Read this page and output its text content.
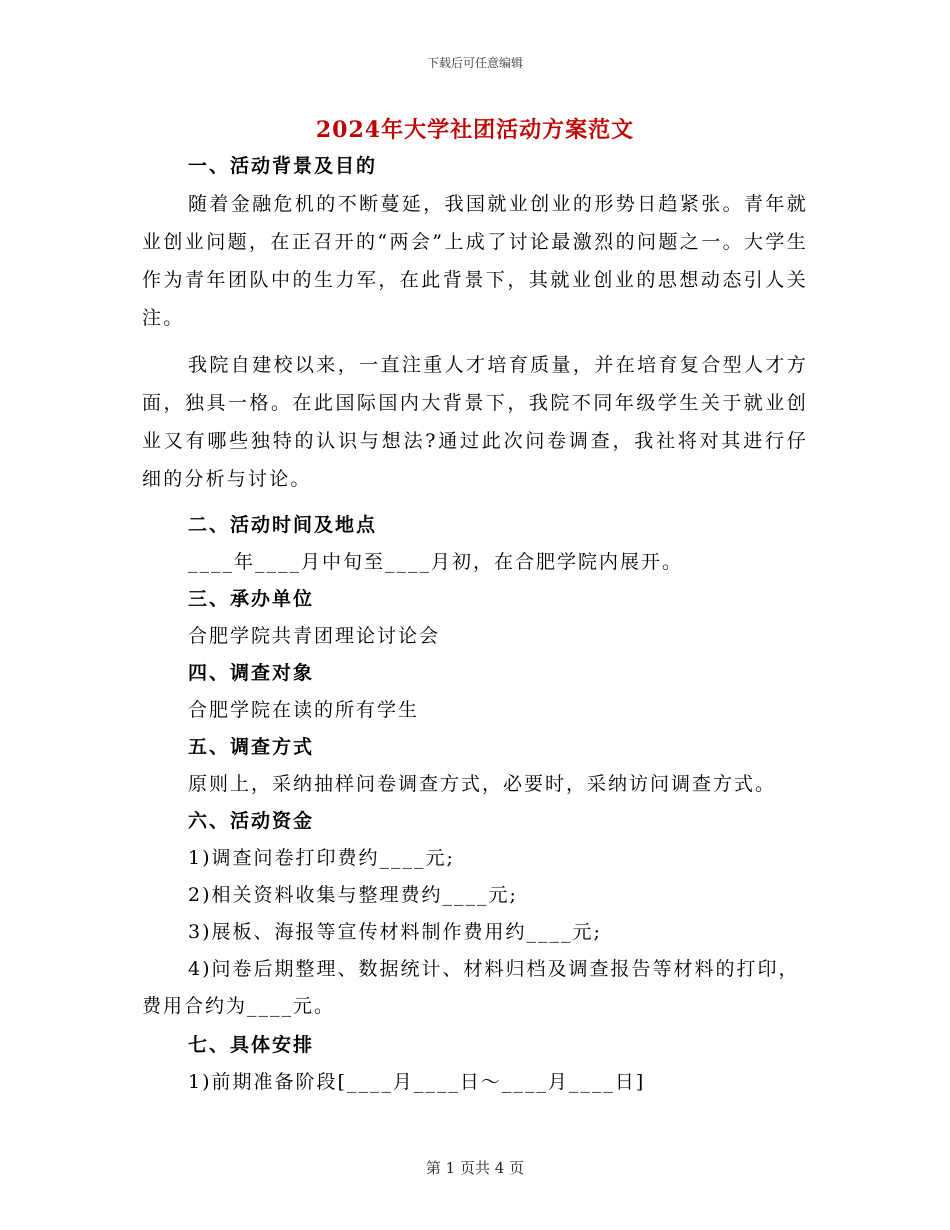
下载后可任意编辑
2024年大学社团活动方案范文
一、活动背景及目的
随着金融危机的不断蔓延，我国就业创业的形势日趋紧张。青年就业创业问题，在正召开的“两会”上成了讨论最激烈的问题之一。大学生作为青年团队中的生力军，在此背景下，其就业创业的思想动态引人关注。
我院自建校以来，一直注重人才培育质量，并在培育复合型人才方面，独具一格。在此国际国内大背景下，我院不同年级学生关于就业创业又有哪些独特的认识与想法?通过此次问卷调查，我社将对其进行仔细的分析与讨论。
二、活动时间及地点
____年____月中旬至____月初，在合肥学院内展开。
三、承办单位
合肥学院共青团理论讨论会
四、调查对象
合肥学院在读的所有学生
五、调查方式
原则上，采纳抽样问卷调查方式，必要时，采纳访问调查方式。
六、活动资金
1)调查问卷打印费约____元;
2)相关资料收集与整理费约____元;
3)展板、海报等宣传材料制作费用约____元;
4)问卷后期整理、数据统计、材料归档及调查报告等材料的打印，费用合约为____元。
七、具体安排
1)前期准备阶段[____月____日～____月____日]
第 1 页共 4 页
